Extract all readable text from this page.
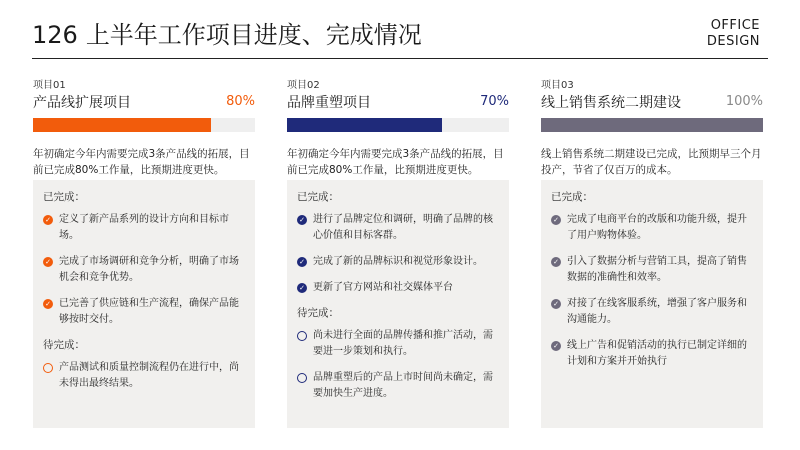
126 上半年工作项目进度、完成情况	OFFICE
DESIGN
项目01
产品线扩展项目	80%
年初确定今年内需要完成3条产品线的拓展，目前已完成80%工作量，比预期进度更快。
已完成：
✓ 定义了新产品系列的设计方向和目标市场。
✓ 完成了市场调研和竞争分析，明确了市场机会和竞争优势。
✓ 已完善了供应链和生产流程，确保产品能够按时交付。
待完成：
产品测试和质量控制流程仍在进行中，尚未得出最终结果。
项目02
品牌重塑项目	70%
年初确定今年内需要完成3条产品线的拓展，目前已完成80%工作量，比预期进度更快。
已完成：
✓ 进行了品牌定位和调研，明确了品牌的核心价值和目标客群。
✓ 完成了新的品牌标识和视觉形象设计。
✓ 更新了官方网站和社交媒体平台
待完成：
尚未进行全面的品牌传播和推广活动，需要进一步策划和执行。
品牌重塑后的产品上市时间尚未确定，需要加快生产进度。
项目03
线上销售系统二期建设	100%
线上销售系统二期建设已完成，比预期早三个月投产，节省了仅百万的成本。
已完成：
✓ 完成了电商平台的改版和功能升级，提升了用户购物体验。
✓ 引入了数据分析与营销工具，提高了销售数据的准确性和效率。
✓ 对接了在线客服系统，增强了客户服务和沟通能力。
✓ 线上广告和促销活动的执行已制定详细的计划和方案并开始执行
